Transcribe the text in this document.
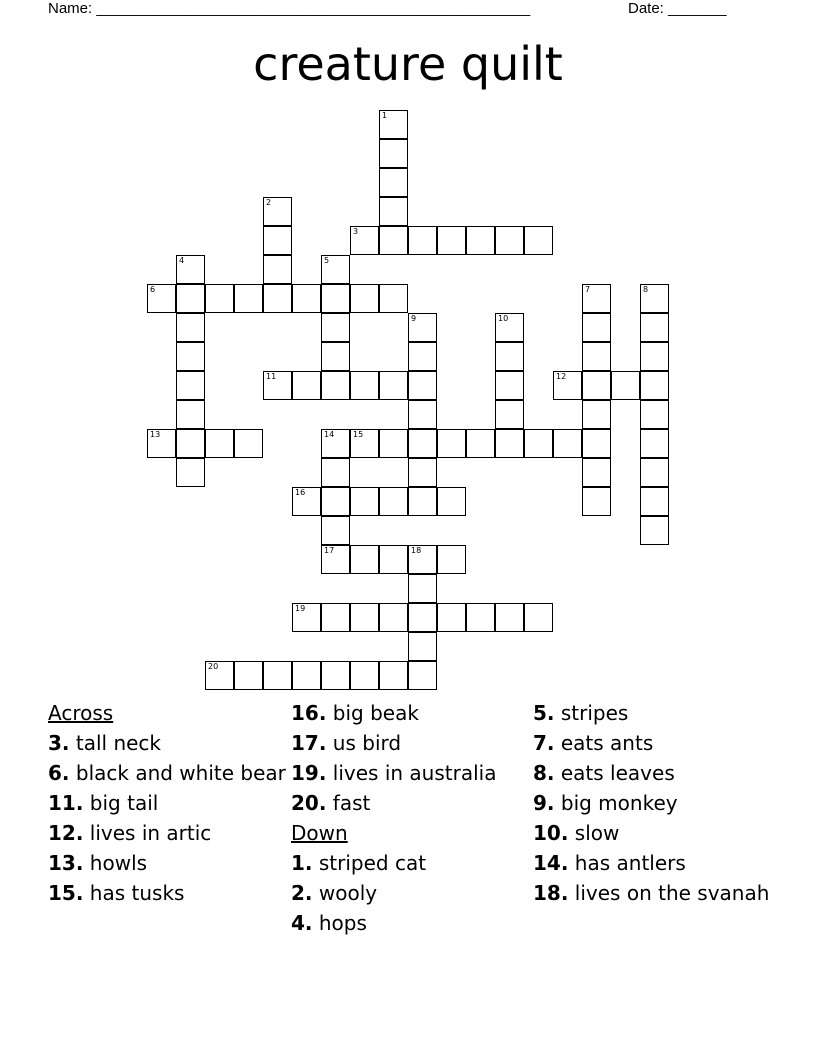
Name: ____________________________________________________	Date: _______
creature quilt
1
2
3
4	5
6	7	8
9	10
11	12
13	14
17
15
16
18
19
20
Across
3. tall neck
6. black and white bear
11. big tail
12. lives in artic
13. howls
15. has tusks
16. big beak
17. us bird
19. lives in australia
20. fast
Down
1. striped cat
2. wooly
4. hops
5. stripes
7. eats ants
8. eats leaves
9. big monkey
10. slow
14. has antlers
18. lives on the svanah
